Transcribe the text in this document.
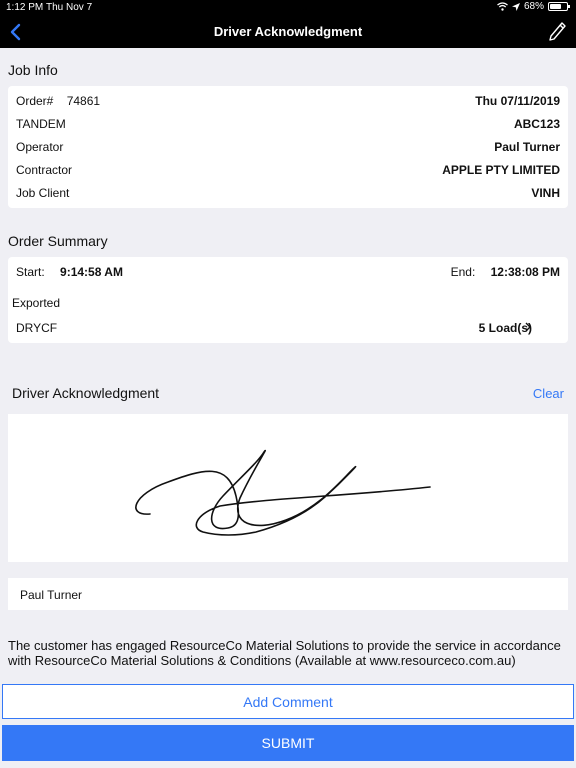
1:12 PM Thu Nov 7	68%
Driver Acknowledgment
Job Info
Order# 74861	Thu 07/11/2019
TANDEM	ABC123
Operator	Paul Turner
Contractor	APPLE PTY LIMITED
Job Client	VINH
Order Summary
Start: 9:14:58 AM	End: 12:38:08 PM
Exported
DRYCF	5 Load(s)
Driver Acknowledgment	Clear
Paul Turner
The customer has engaged ResourceCo Material Solutions to provide the service in accordance with ResourceCo Material Solutions & Conditions (Available at www.resourceco.com.au)
Add Comment
SUBMIT
